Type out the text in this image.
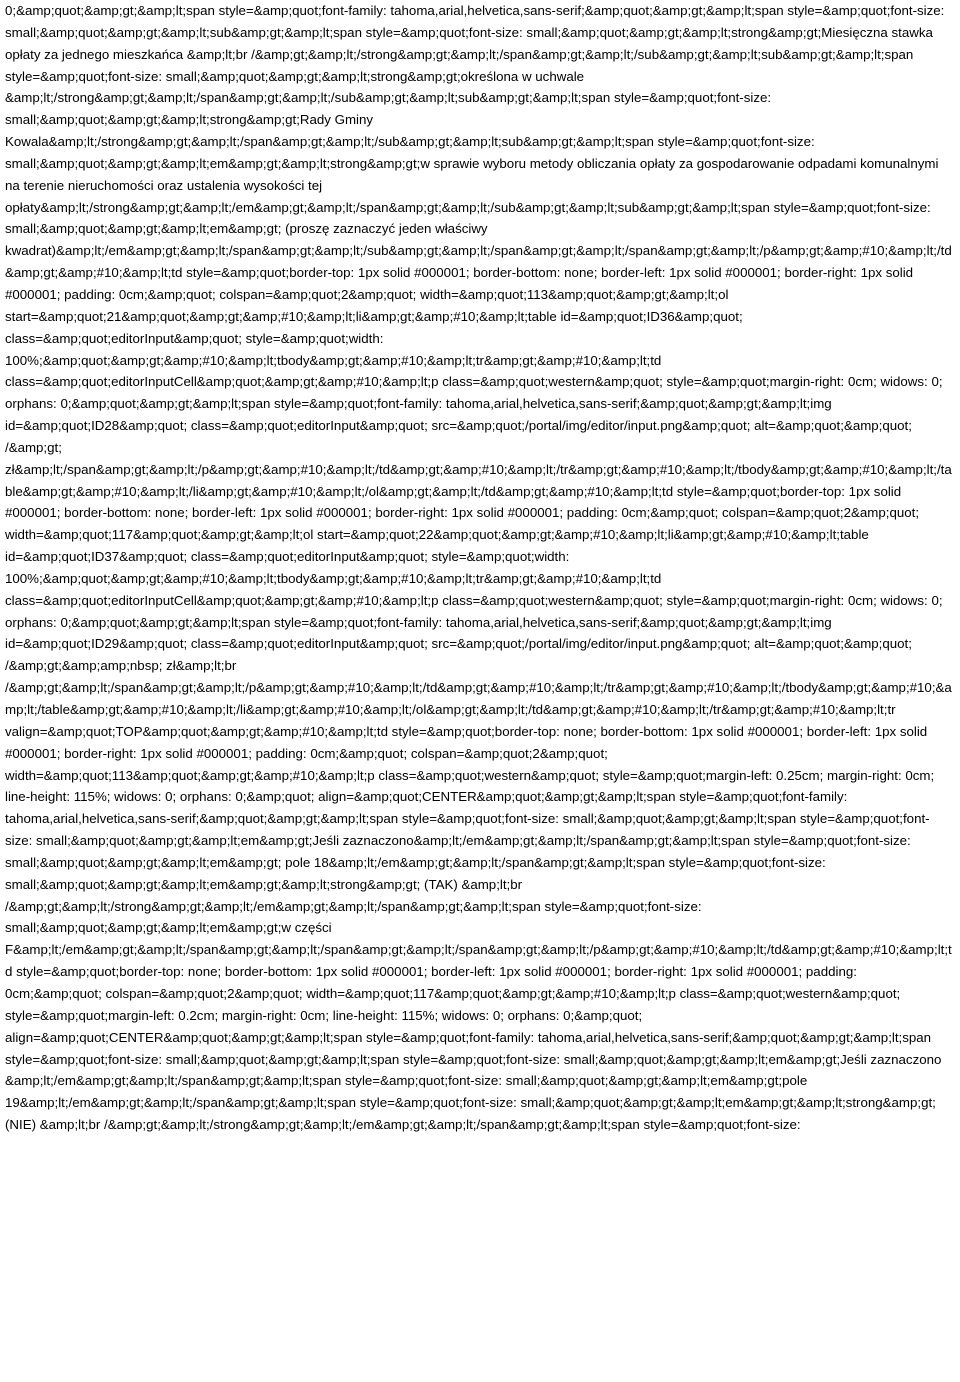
0;&amp;quot;&amp;gt;&amp;lt;span style=&amp;quot;font-family: tahoma,arial,helvetica,sans-serif;&amp;quot;&amp;gt;&amp;lt;span style=&amp;quot;font-size: small;&amp;quot;&amp;gt;&amp;lt;sub&amp;gt;&amp;lt;span style=&amp;quot;font-size: small;&amp;quot;&amp;gt;&amp;lt;strong&amp;gt;Miesięczna stawka opłaty za jednego mieszkańca &amp;lt;br /&amp;gt;&amp;lt;/strong&amp;gt;&amp;lt;/span&amp;gt;&amp;lt;/sub&amp;gt;&amp;lt;sub&amp;gt;&amp;lt;span style=&amp;quot;font-size: small;&amp;quot;&amp;gt;&amp;lt;strong&amp;gt;określona w uchwale &amp;lt;/strong&amp;gt;&amp;lt;/span&amp;gt;&amp;lt;/sub&amp;gt;&amp;lt;sub&amp;gt;&amp;lt;span style=&amp;quot;font-size: small;&amp;quot;&amp;gt;&amp;lt;strong&amp;gt;Rady Gminy Kowala&amp;lt;/strong&amp;gt;&amp;lt;/span&amp;gt;&amp;lt;/sub&amp;gt;&amp;lt;sub&amp;gt;&amp;lt;span style=&amp;quot;font-size: small;&amp;quot;&amp;gt;&amp;lt;em&amp;gt;&amp;lt;strong&amp;gt;w sprawie wyboru metody obliczania opłaty za gospodarowanie odpadami komunalnymi na terenie nieruchomości oraz ustalenia wysokości tej opłaty&amp;lt;/strong&amp;gt;&amp;lt;/em&amp;gt;&amp;lt;/span&amp;gt;&amp;lt;/sub&amp;gt;&amp;lt;sub&amp;gt;&amp;lt;span style=&amp;quot;font-size: small;&amp;quot;&amp;gt;&amp;lt;em&amp;gt; (proszę zaznaczyć jeden właściwy kwadrat)&amp;lt;/em&amp;gt;&amp;lt;/span&amp;gt;&amp;lt;/sub&amp;gt;&amp;lt;/span&amp;gt;&amp;lt;/span&amp;gt;&amp;lt;/p&amp;gt;&amp;#10;&amp;lt;/td&amp;gt;&amp;#10;&amp;lt;td style=&amp;quot;border-top: 1px solid #000001; border-bottom: none; border-left: 1px solid #000001; border-right: 1px solid #000001; padding: 0cm;&amp;quot; colspan=&amp;quot;2&amp;quot; width=&amp;quot;113&amp;quot;&amp;gt;&amp;lt;ol start=&amp;quot;21&amp;quot;&amp;gt;&amp;#10;&amp;lt;li&amp;gt;&amp;#10;&amp;lt;table id=&amp;quot;ID36&amp;quot; class=&amp;quot;editorInput&amp;quot; style=&amp;quot;width: 100%;&amp;quot;&amp;gt;&amp;#10;&amp;lt;tbody&amp;gt;&amp;#10;&amp;lt;tr&amp;gt;&amp;#10;&amp;lt;td class=&amp;quot;editorInputCell&amp;quot;&amp;gt;&amp;#10;&amp;lt;p class=&amp;quot;western&amp;quot; style=&amp;quot;margin-right: 0cm; widows: 0; orphans: 0;&amp;quot;&amp;gt;&amp;lt;span style=&amp;quot;font-family: tahoma,arial,helvetica,sans-serif;&amp;quot;&amp;gt;&amp;lt;img id=&amp;quot;ID28&amp;quot; class=&amp;quot;editorInput&amp;quot; src=&amp;quot;/portal/img/editor/input.png&amp;quot; alt=&amp;quot;&amp;quot; /&amp;gt; zł&amp;lt;/span&amp;gt;&amp;lt;/p&amp;gt;&amp;#10;&amp;lt;/td&amp;gt;&amp;#10;&amp;lt;/tr&amp;gt;&amp;#10;&amp;lt;/tbody&amp;gt;&amp;#10;&amp;lt;/table&amp;gt;&amp;#10;&amp;lt;/li&amp;gt;&amp;#10;&amp;lt;/ol&amp;gt;&amp;lt;/td&amp;gt;&amp;#10;&amp;lt;td style=&amp;quot;border-top: 1px solid #000001; border-bottom: none; border-left: 1px solid #000001; border-right: 1px solid #000001; padding: 0cm;&amp;quot; colspan=&amp;quot;2&amp;quot; width=&amp;quot;117&amp;quot;&amp;gt;&amp;lt;ol start=&amp;quot;22&amp;quot;&amp;gt;&amp;#10;&amp;lt;li&amp;gt;&amp;#10;&amp;lt;table id=&amp;quot;ID37&amp;quot; class=&amp;quot;editorInput&amp;quot; style=&amp;quot;width: 100%;&amp;quot;&amp;gt;&amp;#10;&amp;lt;tbody&amp;gt;&amp;#10;&amp;lt;tr&amp;gt;&amp;#10;&amp;lt;td class=&amp;quot;editorInputCell&amp;quot;&amp;gt;&amp;#10;&amp;lt;p class=&amp;quot;western&amp;quot; style=&amp;quot;margin-right: 0cm; widows: 0; orphans: 0;&amp;quot;&amp;gt;&amp;lt;span style=&amp;quot;font-family: tahoma,arial,helvetica,sans-serif;&amp;quot;&amp;gt;&amp;lt;img id=&amp;quot;ID29&amp;quot; class=&amp;quot;editorInput&amp;quot; src=&amp;quot;/portal/img/editor/input.png&amp;quot; alt=&amp;quot;&amp;quot; /&amp;gt;&amp;amp;nbsp; zł&amp;lt;br /&amp;gt;&amp;lt;/span&amp;gt;&amp;lt;/p&amp;gt;&amp;#10;&amp;lt;/td&amp;gt;&amp;#10;&amp;lt;/tr&amp;gt;&amp;#10;&amp;lt;/tbody&amp;gt;&amp;#10;&amp;lt;/table&amp;gt;&amp;#10;&amp;lt;/li&amp;gt;&amp;#10;&amp;lt;/ol&amp;gt;&amp;lt;/td&amp;gt;&amp;#10;&amp;lt;/tr&amp;gt;&amp;#10;&amp;lt;tr valign=&amp;quot;TOP&amp;quot;&amp;gt;&amp;#10;&amp;lt;td style=&amp;quot;border-top: none; border-bottom: 1px solid #000001; border-left: 1px solid #000001; border-right: 1px solid #000001; padding: 0cm;&amp;quot; colspan=&amp;quot;2&amp;quot; width=&amp;quot;113&amp;quot;&amp;gt;&amp;#10;&amp;lt;p class=&amp;quot;western&amp;quot; style=&amp;quot;margin-left: 0.25cm; margin-right: 0cm; line-height: 115%; widows: 0; orphans: 0;&amp;quot; align=&amp;quot;CENTER&amp;quot;&amp;gt;&amp;lt;span style=&amp;quot;font-family: tahoma,arial,helvetica,sans-serif;&amp;quot;&amp;gt;&amp;lt;span style=&amp;quot;font-size: small;&amp;quot;&amp;gt;&amp;lt;span style=&amp;quot;font-size: small;&amp;quot;&amp;gt;&amp;lt;em&amp;gt;Jeśli zaznaczono&amp;lt;/em&amp;gt;&amp;lt;/span&amp;gt;&amp;lt;span style=&amp;quot;font-size: small;&amp;quot;&amp;gt;&amp;lt;em&amp;gt; pole 18&amp;lt;/em&amp;gt;&amp;lt;/span&amp;gt;&amp;lt;span style=&amp;quot;font-size: small;&amp;quot;&amp;gt;&amp;lt;em&amp;gt;&amp;lt;strong&amp;gt; (TAK) &amp;lt;br /&amp;gt;&amp;lt;/strong&amp;gt;&amp;lt;/em&amp;gt;&amp;lt;/span&amp;gt;&amp;lt;span style=&amp;quot;font-size: small;&amp;quot;&amp;gt;&amp;lt;em&amp;gt;w części F&amp;lt;/em&amp;gt;&amp;lt;/span&amp;gt;&amp;lt;/span&amp;gt;&amp;lt;/span&amp;gt;&amp;lt;/p&amp;gt;&amp;#10;&amp;lt;/td&amp;gt;&amp;#10;&amp;lt;td style=&amp;quot;border-top: none; border-bottom: 1px solid #000001; border-left: 1px solid #000001; border-right: 1px solid #000001; padding: 0cm;&amp;quot; colspan=&amp;quot;2&amp;quot; width=&amp;quot;117&amp;quot;&amp;gt;&amp;#10;&amp;lt;p class=&amp;quot;western&amp;quot; style=&amp;quot;margin-left: 0.2cm; margin-right: 0cm; line-height: 115%; widows: 0; orphans: 0;&amp;quot; align=&amp;quot;CENTER&amp;quot;&amp;gt;&amp;lt;span style=&amp;quot;font-family: tahoma,arial,helvetica,sans-serif;&amp;quot;&amp;gt;&amp;lt;span style=&amp;quot;font-size: small;&amp;quot;&amp;gt;&amp;lt;span style=&amp;quot;font-size: small;&amp;quot;&amp;gt;&amp;lt;em&amp;gt;Jeśli zaznaczono &amp;lt;/em&amp;gt;&amp;lt;/span&amp;gt;&amp;lt;span style=&amp;quot;font-size: small;&amp;quot;&amp;gt;&amp;lt;em&amp;gt;pole 19&amp;lt;/em&amp;gt;&amp;lt;/span&amp;gt;&amp;lt;span style=&amp;quot;font-size: small;&amp;quot;&amp;gt;&amp;lt;em&amp;gt;&amp;lt;strong&amp;gt; (NIE) &amp;lt;br /&amp;gt;&amp;lt;/strong&amp;gt;&amp;lt;/em&amp;gt;&amp;lt;/span&amp;gt;&amp;lt;span style=&amp;quot;font-size:
